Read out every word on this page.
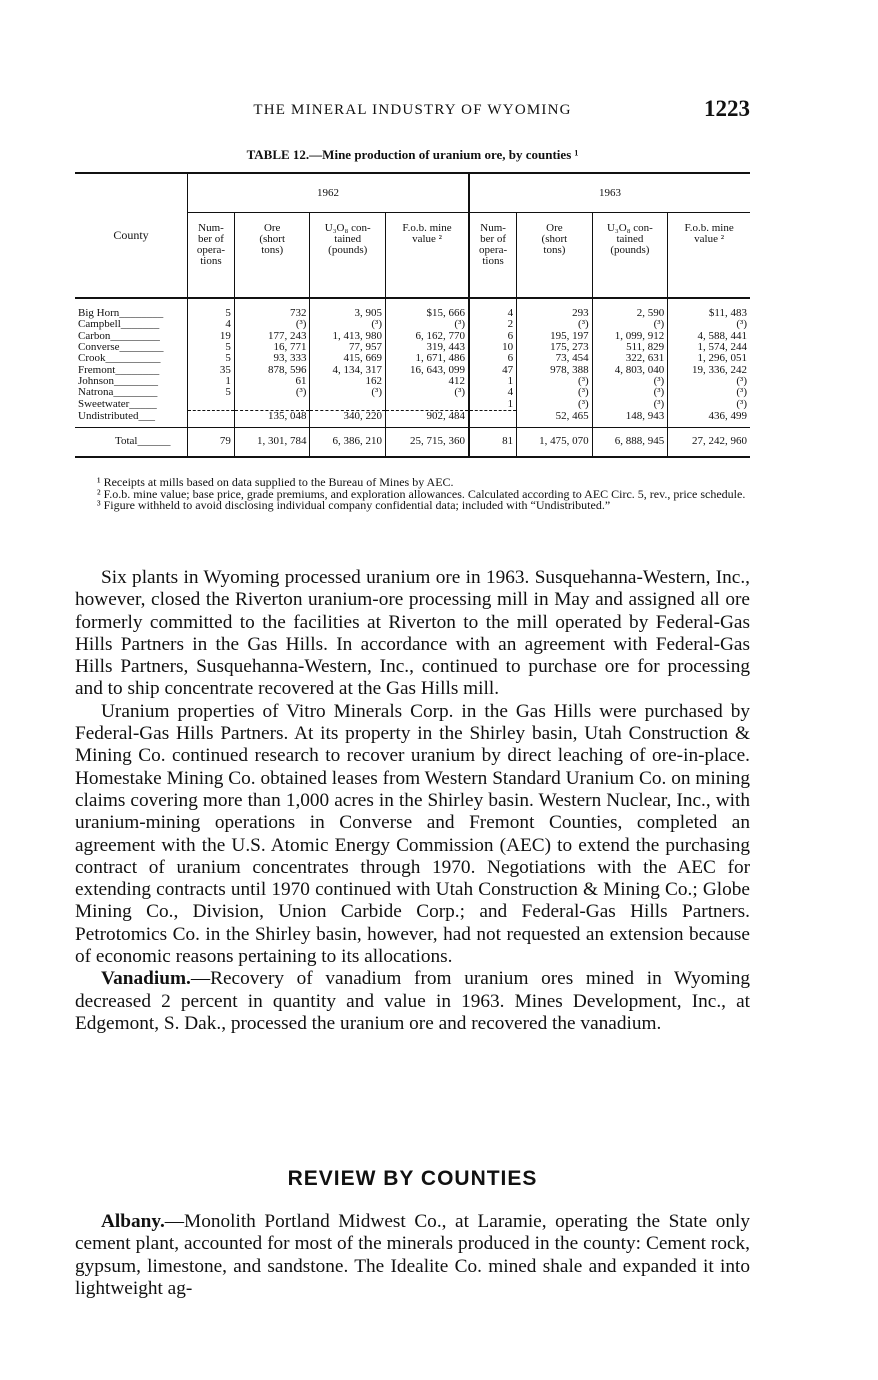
THE MINERAL INDUSTRY OF WYOMING	1223
TABLE 12.—Mine production of uranium ore, by counties ¹
County	1962				1963			
	Num-
ber of
opera-
tions	Ore
(short
tons)	U₃O₈ con-
tained
(pounds)	F.o.b. mine
value ²	Num-
ber of
opera-
tions	Ore
(short
tons)	U₃O₈ con-
tained
(pounds)	F.o.b. mine
value ²
Big Horn________	5	732	3, 905	$15, 666	4	293	2, 590	$11, 483
Campbell_______	4	(³)	(³)	(³)	2	(³)	(³)	(³)
Carbon_________	19	177, 243	1, 413, 980	6, 162, 770	6	195, 197	1, 099, 912	4, 588, 441
Converse________	5	16, 771	77, 957	319, 443	10	175, 273	511, 829	1, 574, 244
Crook__________	5	93, 333	415, 669	1, 671, 486	6	73, 454	322, 631	1, 296, 051
Fremont________	35	878, 596	4, 134, 317	16, 643, 099	47	978, 388	4, 803, 040	19, 336, 242
Johnson________	1	61	162	412	1	(³)	(³)	(³)
Natrona________	5	(³)	(³)	(³)	4	(³)	(³)	(³)
Sweetwater_____					1	(³)	(³)	(³)
Undistributed___		135, 048	340, 220	902, 484		52, 465	148, 943	436, 499
Total______	79	1, 301, 784	6, 386, 210	25, 715, 360	81	1, 475, 070	6, 888, 945	27, 242, 960

¹ Receipts at mills based on data supplied to the Bureau of Mines by AEC.

² F.o.b. mine value; base price, grade premiums, and exploration allowances. Calculated according to AEC Circ. 5, rev., price schedule.

³ Figure withheld to avoid disclosing individual company confidential data; included with “Undistributed.”

Six plants in Wyoming processed uranium ore in 1963. Susquehanna-Western, Inc., however, closed the Riverton uranium-ore processing mill in May and assigned all ore formerly committed to the facilities at Riverton to the mill operated by Federal-Gas Hills Partners in the Gas Hills. In accordance with an agreement with Federal-Gas Hills Partners, Susquehanna-Western, Inc., continued to purchase ore for processing and to ship concentrate recovered at the Gas Hills mill.

Uranium properties of Vitro Minerals Corp. in the Gas Hills were purchased by Federal-Gas Hills Partners. At its property in the Shirley basin, Utah Construction & Mining Co. continued research to recover uranium by direct leaching of ore-in-place. Homestake Mining Co. obtained leases from Western Standard Uranium Co. on mining claims covering more than 1,000 acres in the Shirley basin. Western Nuclear, Inc., with uranium-mining operations in Converse and Fremont Counties, completed an agreement with the U.S. Atomic Energy Commission (AEC) to extend the purchasing contract of uranium concentrates through 1970. Negotiations with the AEC for extending contracts until 1970 continued with Utah Construction & Mining Co.; Globe Mining Co., Division, Union Carbide Corp.; and Federal-Gas Hills Partners. Petrotomics Co. in the Shirley basin, however, had not requested an extension because of economic reasons pertaining to its allocations.

Vanadium.—Recovery of vanadium from uranium ores mined in Wyoming decreased 2 percent in quantity and value in 1963. Mines Development, Inc., at Edgemont, S. Dak., processed the uranium ore and recovered the vanadium.

REVIEW BY COUNTIES

Albany.—Monolith Portland Midwest Co., at Laramie, operating the State only cement plant, accounted for most of the minerals produced in the county: Cement rock, gypsum, limestone, and sandstone. The Idealite Co. mined shale and expanded it into lightweight ag-
